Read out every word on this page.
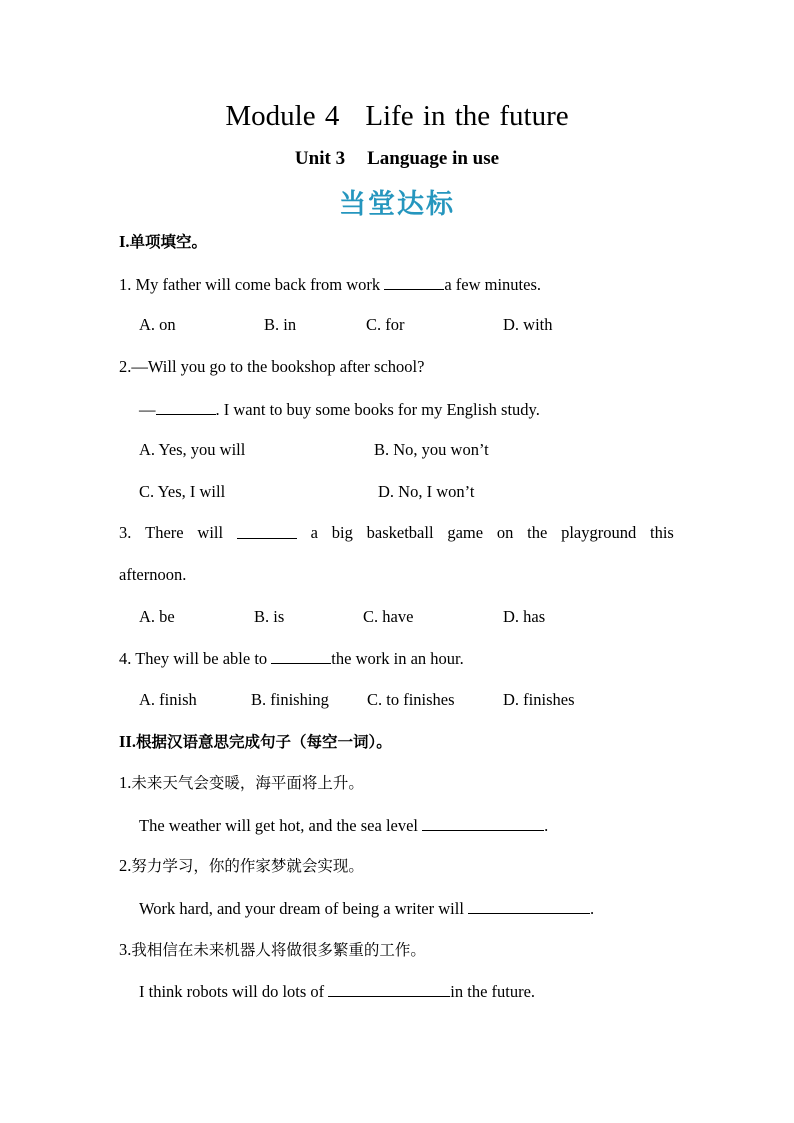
Module 4 Life in the future
Unit 3 Language in use
当堂达标
I.单项填空。
1. My father will come back from work	a few minutes.
A. on	B. in	C. for	D. with
2.—Will you go to the bookshop after school?
—	. I want to buy some books for my English study.
A. Yes, you will	B. No, you won’t
C. Yes, I will	D. No, I won’t
3. There will	a big basketball game on the playground this
afternoon.
A. be	B. is	C. have	D. has
4. They will be able to	the work in an hour.
A. finish	B. finishing C. to finishes	D. finishes
II.根据汉语意思完成句子（每空一词）。
1.未来天气会变暖，海平面将上升。
The weather will get hot, and the sea level	.
2.努力学习，你的作家梦就会实现。
Work hard, and your dream of being a writer will	.
3.我相信在未来机器人将做很多繁重的工作。
I think robots will do lots of	in the future.
